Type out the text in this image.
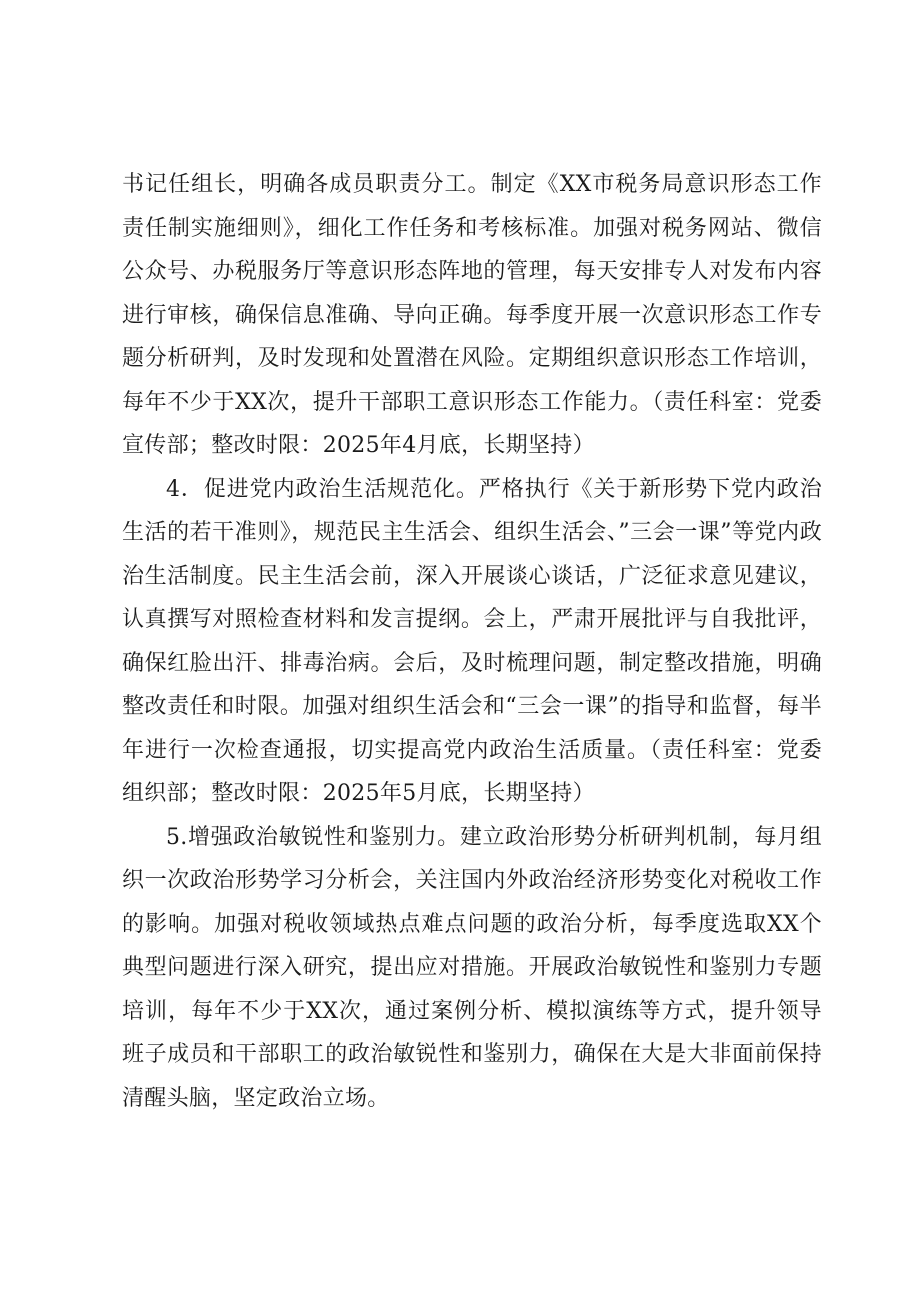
书记任组长，明确各成员职责分工。制定《XX市税务局意识形态工作责任制实施细则》，细化工作任务和考核标准。加强对税务网站、微信公众号、办税服务厅等意识形态阵地的管理，每天安排专人对发布内容进行审核，确保信息准确、导向正确。每季度开展一次意识形态工作专题分析研判，及时发现和处置潜在风险。定期组织意识形态工作培训，每年不少于XX次，提升干部职工意识形态工作能力。（责任科室：党委宣传部；整改时限：2025年4月底，长期坚持）

4．促进党内政治生活规范化。严格执行《关于新形势下党内政治生活的若干准则》，规范民主生活会、组织生活会、”三会一课”等党内政治生活制度。民主生活会前，深入开展谈心谈话，广泛征求意见建议，认真撰写对照检查材料和发言提纲。会上，严肃开展批评与自我批评，确保红脸出汗、排毒治病。会后，及时梳理问题，制定整改措施，明确整改责任和时限。加强对组织生活会和“三会一课”的指导和监督，每半年进行一次检查通报，切实提高党内政治生活质量。（责任科室：党委组织部；整改时限：2025年5月底，长期坚持）

5.增强政治敏锐性和鉴别力。建立政治形势分析研判机制，每月组织一次政治形势学习分析会，关注国内外政治经济形势变化对税收工作的影响。加强对税收领域热点难点问题的政治分析，每季度选取XX个典型问题进行深入研究，提出应对措施。开展政治敏锐性和鉴别力专题培训，每年不少于XX次，通过案例分析、模拟演练等方式，提升领导班子成员和干部职工的政治敏锐性和鉴别力，确保在大是大非面前保持清醒头脑，坚定政治立场。
